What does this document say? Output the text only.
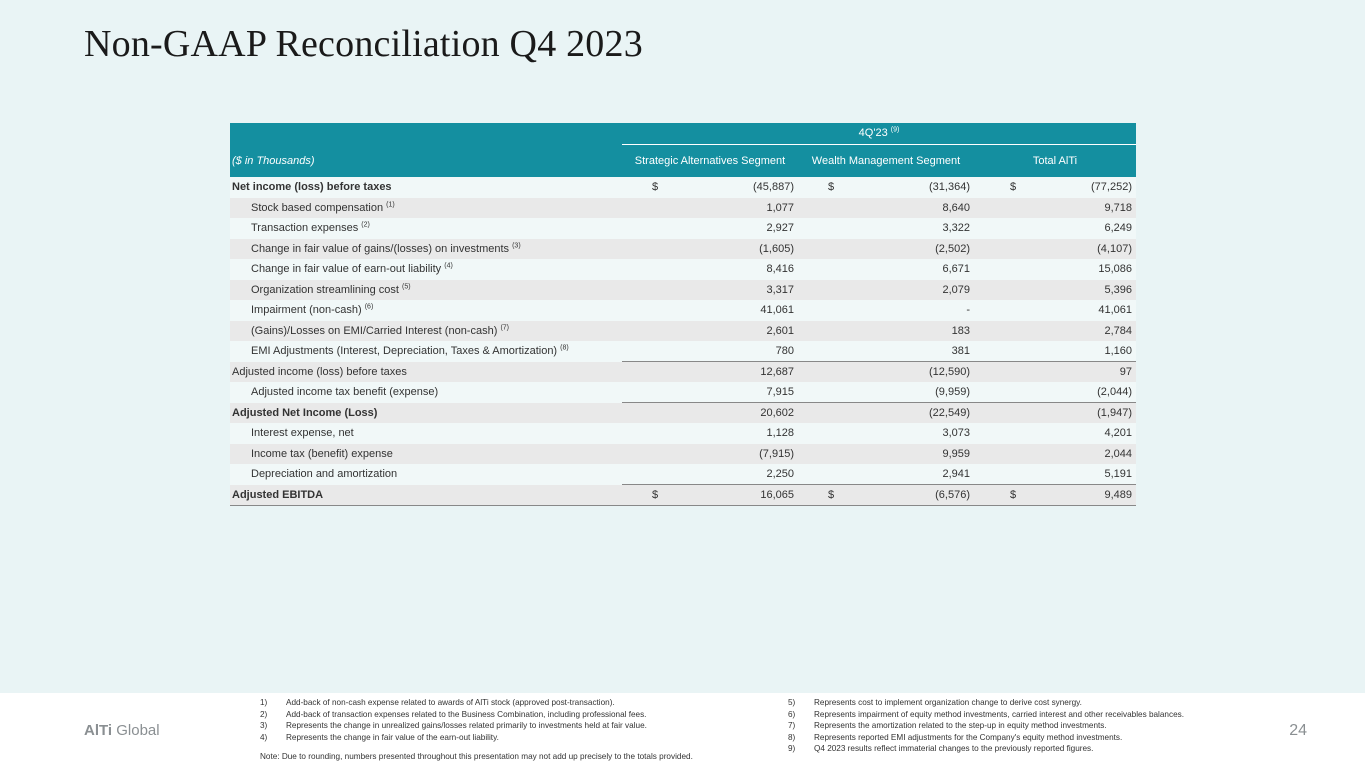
Non-GAAP Reconciliation Q4 2023
	4Q'23 $^{(9)}$
($ in Thousands)	Strategic Alternatives Segment	Wealth Management Segment	Total AlTi
Net income (loss) before taxes	$ (45,887)	$ (31,364)	$ (77,252)

Stock based compensation $^{(1)}$	1,077	8,640	9,718

Transaction expenses $^{(2)}$	2,927	3,322	6,249

Change in fair value of gains/(losses) on investments $^{(3)}$	(1,605)	(2,502)	(4,107)

Change in fair value of earn-out liability $^{(4)}$	8,416	6,671	15,086

Organization streamlining cost $^{(5)}$	3,317	2,079	5,396

Impairment (non-cash) $^{(6)}$	41,061	-	41,061

(Gains)/Losses on EMI/Carried Interest (non-cash) $^{(7)}$	2,601	183	2,784

EMI Adjustments (Interest, Depreciation, Taxes & Amortization) $^{(8)}$	780	381	1,160

Adjusted income (loss) before taxes	12,687	(12,590)	97

Adjusted income tax benefit (expense)	7,915	(9,959)	(2,044)

Adjusted Net Income (Loss)	20,602	(22,549)	(1,947)

Interest expense, net	1,128	3,073	4,201

Income tax (benefit) expense	(7,915)	9,959	2,044

Depreciation and amortization	2,250	2,941	5,191

Adjusted EBITDA	$ 16,065	$ (6,576)	$ 9,489
AlTi Global
1)	Add-back of non-cash expense related to awards of AlTi stock (approved post-transaction).
2)	Add-back of transaction expenses related to the Business Combination, including professional fees.
3)	Represents the change in unrealized gains/losses related primarily to investments held at fair value.
4)	Represents the change in fair value of the earn-out liability.
Note: Due to rounding, numbers presented throughout this presentation may not add up precisely to the totals provided.
5)	Represents cost to implement organization change to derive cost synergy.
6)	Represents impairment of equity method investments, carried interest and other receivables balances.
7)	Represents the amortization related to the step-up in equity method investments.
8)	Represents reported EMI adjustments for the Company's equity method investments.
9)	Q4 2023 results reflect immaterial changes to the previously reported figures.
24
